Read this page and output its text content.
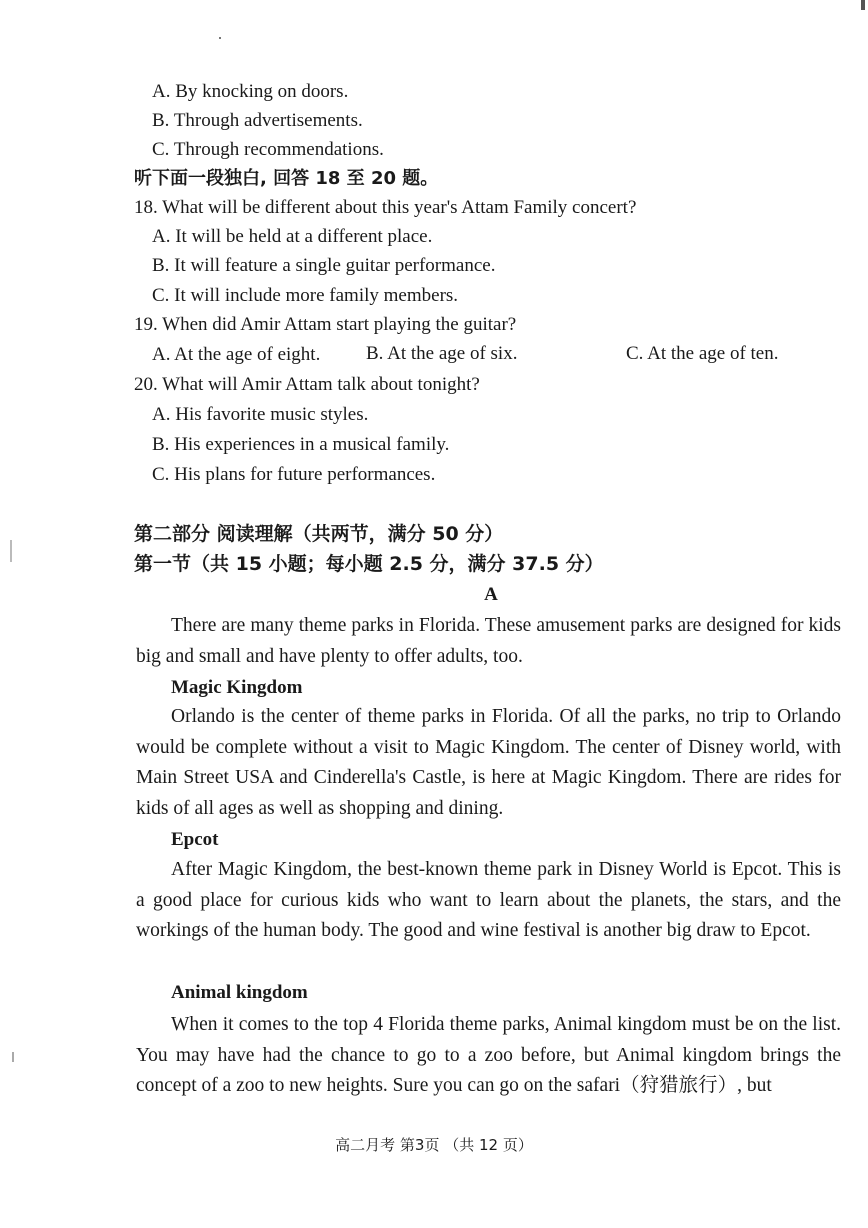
A. By knocking on doors.
B. Through advertisements.
C. Through recommendations.
听下面一段独白, 回答 18 至 20 题。
18. What will be different about this year's Attam Family concert?
A. It will be held at a different place.
B. It will feature a single guitar performance.
C. It will include more family members.
19. When did Amir Attam start playing the guitar?
A. At the age of eight. B. At the age of six.	C. At the age of ten.
20. What will Amir Attam talk about tonight?
A. His favorite music styles.
B. His experiences in a musical family.
C. His plans for future performances.
第二部分 阅读理解（共两节，满分 50 分）
第一节（共 15 小题；每小题 2.5 分，满分 37.5 分）
A

There are many theme parks in Florida. These amusement parks are designed for kids big and small and have plenty to offer adults, too.

Magic Kingdom

Orlando is the center of theme parks in Florida. Of all the parks, no trip to Orlando would be complete without a visit to Magic Kingdom. The center of Disney world, with Main Street USA and Cinderella's Castle, is here at Magic Kingdom. There are rides for kids of all ages as well as shopping and dining.

Epcot

After Magic Kingdom, the best-known theme park in Disney World is Epcot. This is a good place for curious kids who want to learn about the planets, the stars, and the workings of the human body. The good and wine festival is another big draw to Epcot.

Animal kingdom

When it comes to the top 4 Florida theme parks, Animal kingdom must be on the list. You may have had the chance to go to a zoo before, but Animal kingdom brings the concept of a zoo to new heights. Sure you can go on the safari（狩猎旅行）, but

高二月考 第3页 （共 12 页）
